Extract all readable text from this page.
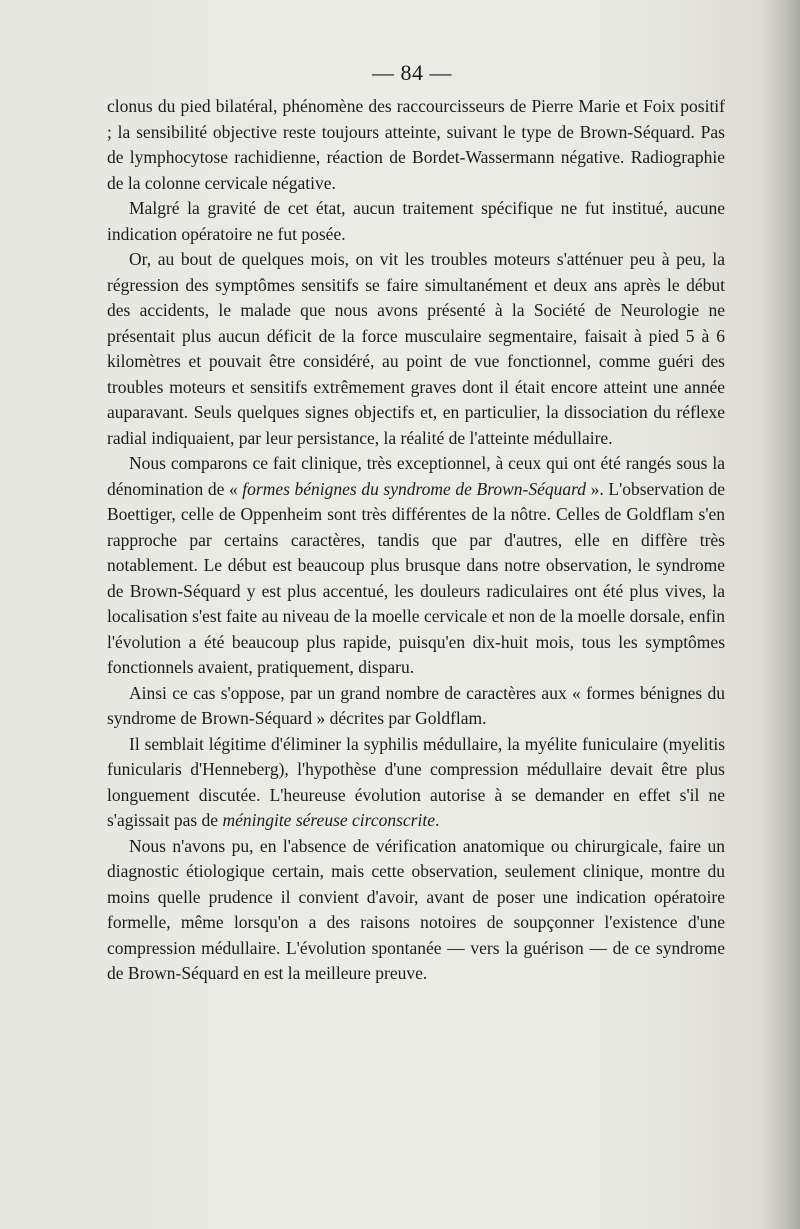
— 84 —

clonus du pied bilatéral, phénomène des raccourcisseurs de Pierre Marie et Foix positif ; la sensibilité objective reste toujours atteinte, suivant le type de Brown-Séquard. Pas de lymphocytose rachidienne, réaction de Bordet-Wassermann négative. Radiographie de la colonne cervicale négative.

Malgré la gravité de cet état, aucun traitement spécifique ne fut institué, aucune indication opératoire ne fut posée.

Or, au bout de quelques mois, on vit les troubles moteurs s'atténuer peu à peu, la régression des symptômes sensitifs se faire simultanément et deux ans après le début des accidents, le malade que nous avons présenté à la Société de Neurologie ne présentait plus aucun déficit de la force musculaire segmentaire, faisait à pied 5 à 6 kilomètres et pouvait être considéré, au point de vue fonctionnel, comme guéri des troubles moteurs et sensitifs extrêmement graves dont il était encore atteint une année auparavant. Seuls quelques signes objectifs et, en particulier, la dissociation du réflexe radial indiquaient, par leur persistance, la réalité de l'atteinte médullaire.

Nous comparons ce fait clinique, très exceptionnel, à ceux qui ont été rangés sous la dénomination de « formes bénignes du syndrome de Brown-Séquard ». L'observation de Boettiger, celle de Oppenheim sont très différentes de la nôtre. Celles de Goldflam s'en rapproche par certains caractères, tandis que par d'autres, elle en diffère très notablement. Le début est beaucoup plus brusque dans notre observation, le syndrome de Brown-Séquard y est plus accentué, les douleurs radiculaires ont été plus vives, la localisation s'est faite au niveau de la moelle cervicale et non de la moelle dorsale, enfin l'évolution a été beaucoup plus rapide, puisqu'en dix-huit mois, tous les symptômes fonctionnels avaient, pratiquement, disparu.

Ainsi ce cas s'oppose, par un grand nombre de caractères aux « formes bénignes du syndrome de Brown-Séquard » décrites par Goldflam.

Il semblait légitime d'éliminer la syphilis médullaire, la myélite funiculaire (myelitis funicularis d'Henneberg), l'hypothèse d'une compression médullaire devait être plus longuement discutée. L'heureuse évolution autorise à se demander en effet s'il ne s'agissait pas de méningite séreuse circonscrite.

Nous n'avons pu, en l'absence de vérification anatomique ou chirurgicale, faire un diagnostic étiologique certain, mais cette observation, seulement clinique, montre du moins quelle prudence il convient d'avoir, avant de poser une indication opératoire formelle, même lorsqu'on a des raisons notoires de soupçonner l'existence d'une compression médullaire. L'évolution spontanée — vers la guérison — de ce syndrome de Brown-Séquard en est la meilleure preuve.
